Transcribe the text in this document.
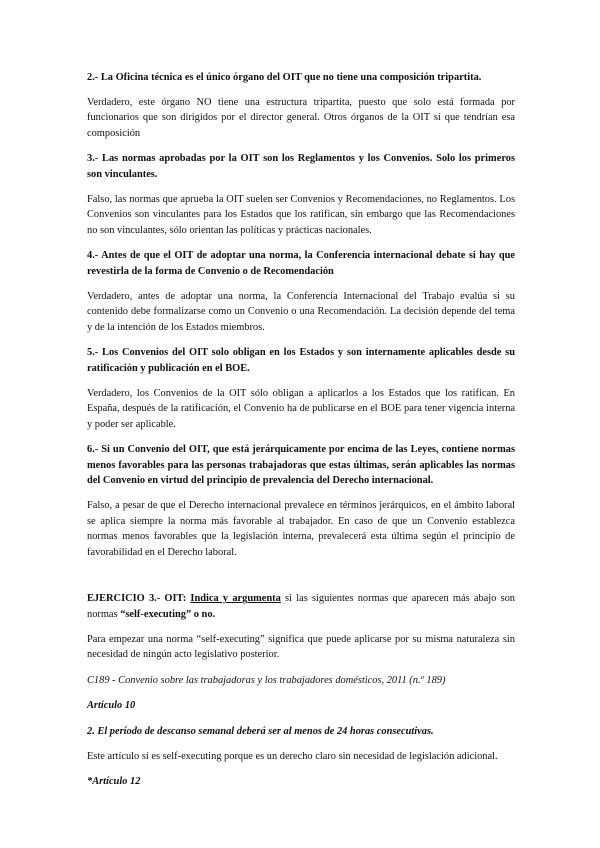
2.- La Oficina técnica es el único órgano del OIT que no tiene una composición tripartita.

Verdadero, este órgano NO tiene una estructura tripartita, puesto que solo está formada por funcionarios que son dirigidos por el director general. Otros órganos de la OIT sí que tendrían esa composición

3.- Las normas aprobadas por la OIT son los Reglamentos y los Convenios. Solo los primeros son vinculantes.

Falso, las normas que aprueba la OIT suelen ser Convenios y Recomendaciones, no Reglamentos. Los Convenios son vinculantes para los Estados que los ratifican, sin embargo que las Recomendaciones no son vinculantes, sólo orientan las políticas y prácticas nacionales.

4.- Antes de que el OIT de adoptar una norma, la Conferencia internacional debate si hay que revestirla de la forma de Convenio o de Recomendación

Verdadero, antes de adoptar una norma, la Conferencia Internacional del Trabajo evalúa si su contenido debe formalizarse como un Convenio o una Recomendación. La decisión depende del tema y de la intención de los Estados miembros.

5.- Los Convenios del OIT solo obligan en los Estados y son internamente aplicables desde su ratificación y publicación en el BOE.

Verdadero, los Convenios de la OIT sólo obligan a aplicarlos a los Estados que los ratifican. En España, después de la ratificación, el Convenio ha de publicarse en el BOE para tener vigencia interna y poder ser aplicable.

6.- Si un Convenio del OIT, que está jerárquicamente por encima de las Leyes, contiene normas menos favorables para las personas trabajadoras que estas últimas, serán aplicables las normas del Convenio en virtud del principio de prevalencia del Derecho internacional.

Falso, a pesar de que el Derecho internacional prevalece en términos jerárquicos, en el ámbito laboral se aplica siempre la norma más favorable al trabajador. En caso de que un Convenio establezca normas menos favorables que la legislación interna, prevalecerá esta última según el principio de favorabilidad en el Derecho laboral.

EJERCICIO 3.- OIT: Indica y argumenta si las siguientes normas que aparecen más abajo son normas “self-executing” o no.

Para empezar una norma “self-executing” significa que puede aplicarse por su misma naturaleza sin necesidad de ningún acto legislativo posterior.

C189 - Convenio sobre las trabajadoras y los trabajadores domésticos, 2011 (n.º 189)

Artículo 10

2. El período de descanso semanal deberá ser al menos de 24 horas consecutivas.

Este artículo sí es self-executing porque es un derecho claro sin necesidad de legislación adicional.

*Artículo 12
